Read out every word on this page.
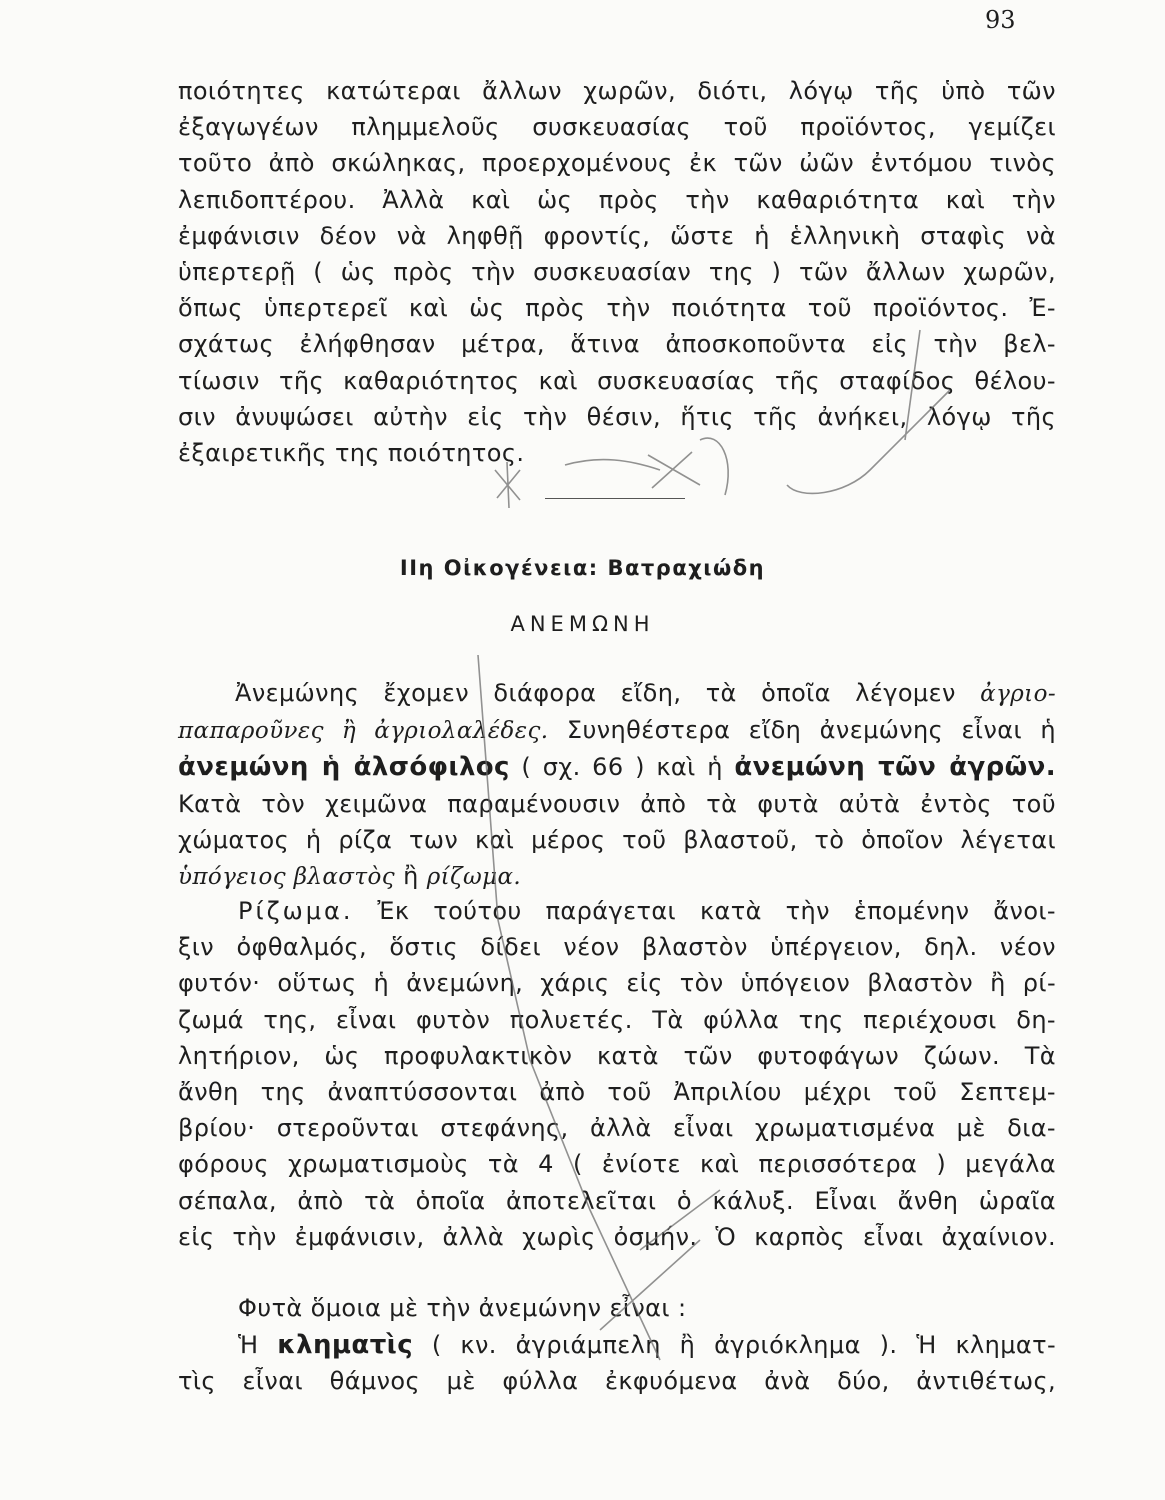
93
ποιότητες κατώτεραι ἄλλων χωρῶν, διότι, λόγῳ τῆς ὑπὸ τῶν
ἐξαγωγέων πλημμελοῦς συσκευασίας τοῦ προϊόντος, γεμίζει
τοῦτο ἀπὸ σκώληκας, προερχομένους ἐκ τῶν ὠῶν ἐντόμου τινὸς
λεπιδοπτέρου. Ἀλλὰ καὶ ὡς πρὸς τὴν καθαριότητα καὶ τὴν
ἐμφάνισιν δέον νὰ ληφθῇ φροντίς, ὥστε ἡ ἑλληνικὴ σταφὶς νὰ
ὑπερτερῇ ( ὡς πρὸς τὴν συσκευασίαν της ) τῶν ἄλλων χωρῶν,
ὅπως ὑπερτερεῖ καὶ ὡς πρὸς τὴν ποιότητα τοῦ προϊόντος. Ἐ-
σχάτως ἐλήφθησαν μέτρα, ἅτινα ἀποσκοποῦντα εἰς τὴν βελ-
τίωσιν τῆς καθαριότητος καὶ συσκευασίας τῆς σταφίδος θέλου-
σιν ἀνυψώσει αὐτὴν εἰς τὴν θέσιν, ἥτις τῆς ἀνήκει, λόγῳ τῆς
ἐξαιρετικῆς της ποιότητος.
IIη Οἰκογένεια: Βατραχιώδη
ΑΝΕΜΩΝΗ
Ἀνεμώνης ἔχομεν διάφορα εἴδη, τὰ ὁποῖα λέγομεν ἀγριο-
παπαροῦνες ἢ ἀγριολαλέδες. Συνηθέστερα εἴδη ἀνεμώνης εἶναι ἡ
ἀνεμώνη ἡ ἀλσόφιλος ( σχ. 66 ) καὶ ἡ ἀνεμώνη τῶν ἀγρῶν.
Κατὰ τὸν χειμῶνα παραμένουσιν ἀπὸ τὰ φυτὰ αὐτὰ ἐντὸς τοῦ
χώματος ἡ ρίζα των καὶ μέρος τοῦ βλαστοῦ, τὸ ὁποῖον λέγεται
ὑπόγειος βλαστὸς ἢ ρίζωμα.
Ρίζωμα. Ἐκ τούτου παράγεται κατὰ τὴν ἑπομένην ἄνοι-
ξιν ὀφθαλμός, ὅστις δίδει νέον βλαστὸν ὑπέργειον, δηλ. νέον
φυτόν· οὕτως ἡ ἀνεμώνη, χάρις εἰς τὸν ὑπόγειον βλαστὸν ἢ ρί-
ζωμά της, εἶναι φυτὸν πολυετές. Τὰ φύλλα της περιέχουσι δη-
λητήριον, ὡς προφυλακτικὸν κατὰ τῶν φυτοφάγων ζώων. Τὰ
ἄνθη της ἀναπτύσσονται ἀπὸ τοῦ Ἀπριλίου μέχρι τοῦ Σεπτεμ-
βρίου· στεροῦνται στεφάνης, ἀλλὰ εἶναι χρωματισμένα μὲ δια-
φόρους χρωματισμοὺς τὰ 4 ( ἐνίοτε καὶ περισσότερα ) μεγάλα
σέπαλα, ἀπὸ τὰ ὁποῖα ἀποτελεῖται ὁ κάλυξ. Εἶναι ἄνθη ὡραῖα
εἰς τὴν ἐμφάνισιν, ἀλλὰ χωρὶς ὀσμήν. Ὁ καρπὸς εἶναι ἀχαίνιον.
Φυτὰ ὅμοια μὲ τὴν ἀνεμώνην εἶναι :
Ἡ κληματὶς ( κν. ἀγριάμπελη ἢ ἀγριόκλημα ). Ἡ κληματ-
τὶς εἶναι θάμνος μὲ φύλλα ἐκφυόμενα ἀνὰ δύο, ἀντιθέτως,
